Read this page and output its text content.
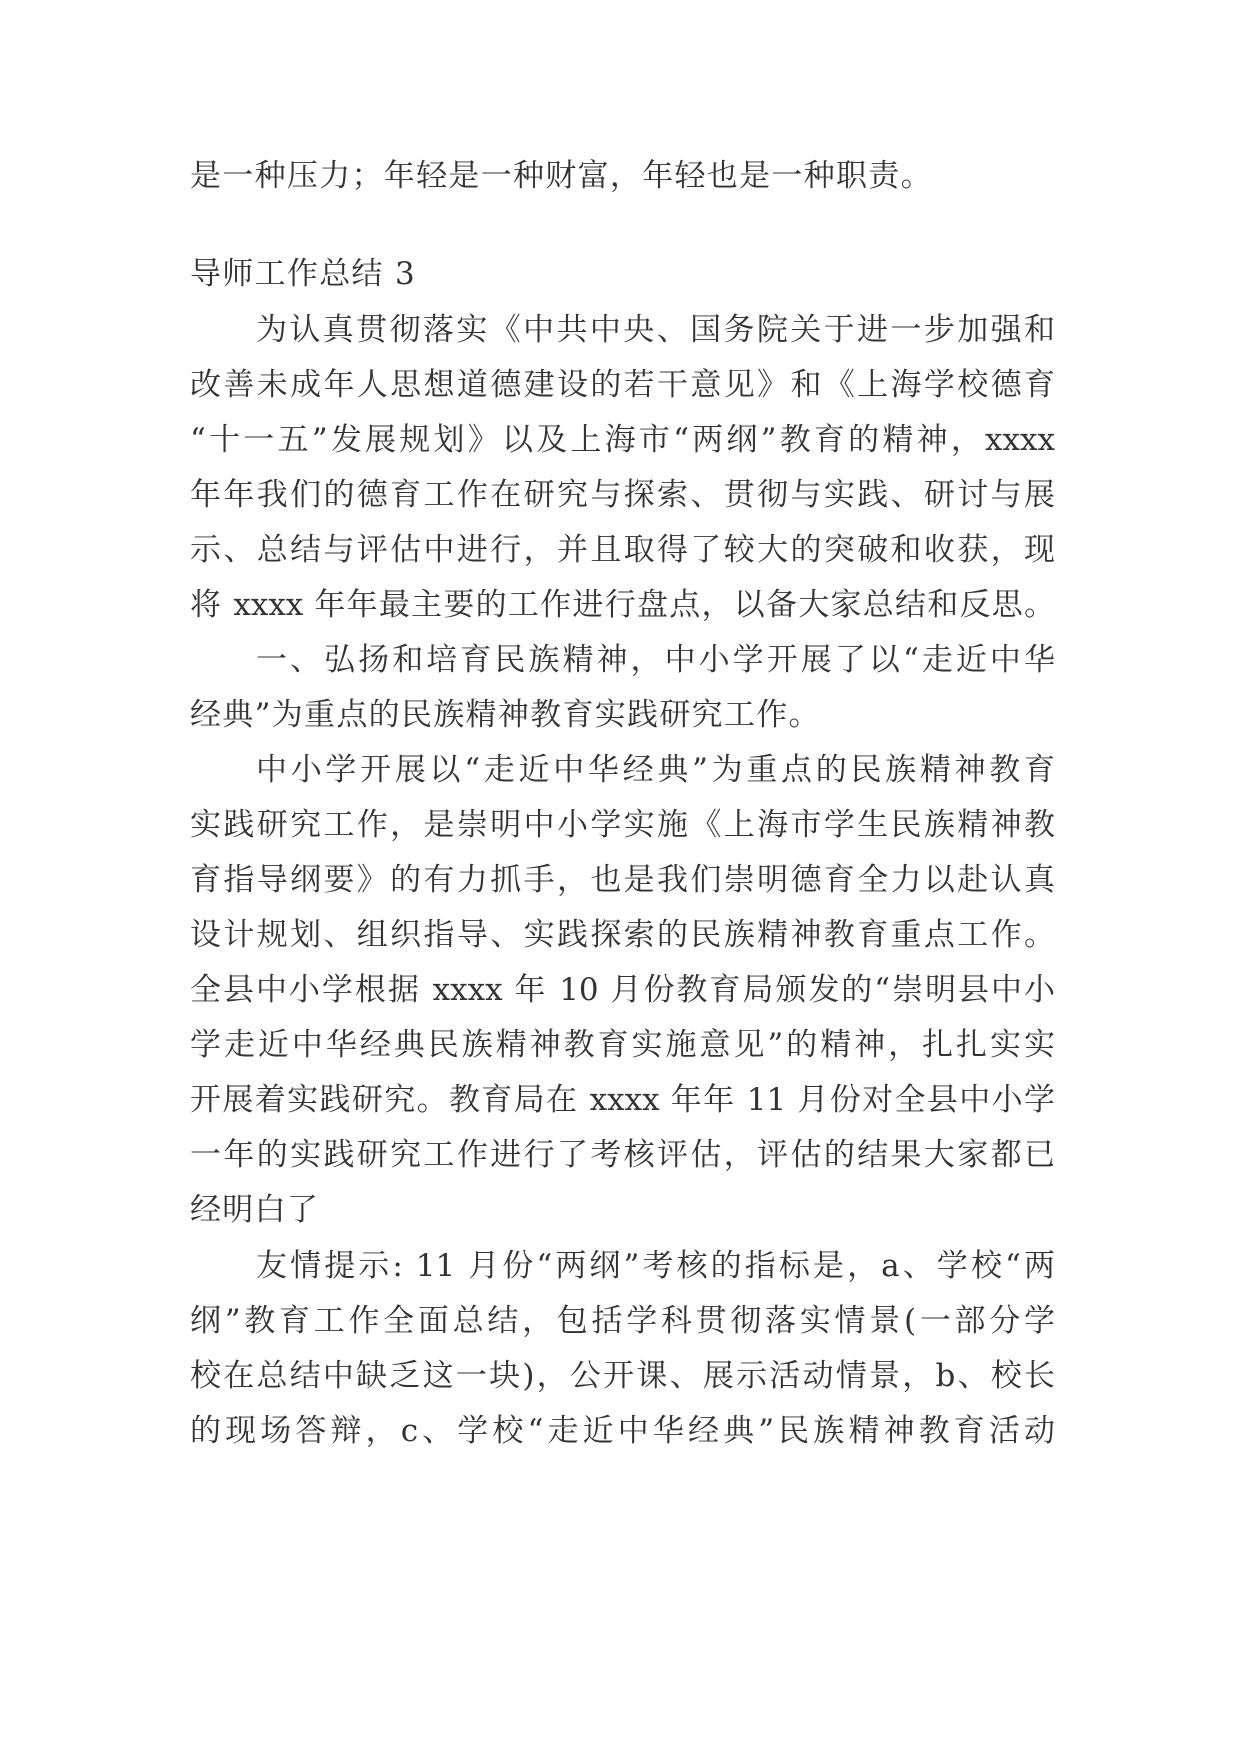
是一种压力；年轻是一种财富，年轻也是一种职责。
导师工作总结 3
为认真贯彻落实《中共中央、国务院关于进一步加强和
改善未成年人思想道德建设的若干意见》和《上海学校德育
“十一五”发展规划》以及上海市“两纲”教育的精神，xxxx
年年我们的德育工作在研究与探索、贯彻与实践、研讨与展
示、总结与评估中进行，并且取得了较大的突破和收获，现
将 xxxx 年年最主要的工作进行盘点，以备大家总结和反思。
一、弘扬和培育民族精神，中小学开展了以“走近中华
经典”为重点的民族精神教育实践研究工作。
中小学开展以“走近中华经典”为重点的民族精神教育
实践研究工作，是崇明中小学实施《上海市学生民族精神教
育指导纲要》的有力抓手，也是我们崇明德育全力以赴认真
设计规划、组织指导、实践探索的民族精神教育重点工作。
全县中小学根据 xxxx 年 10 月份教育局颁发的“崇明县中小
学走近中华经典民族精神教育实施意见”的精神，扎扎实实
开展着实践研究。教育局在 xxxx 年年 11 月份对全县中小学
一年的实践研究工作进行了考核评估，评估的结果大家都已
经明白了
友情提示: 11 月份“两纲”考核的指标是，a、学校“两
纲”教育工作全面总结，包括学科贯彻落实情景(一部分学
校在总结中缺乏这一块)，公开课、展示活动情景，b、校长
的现场答辩，c、学校“走近中华经典”民族精神教育活动
